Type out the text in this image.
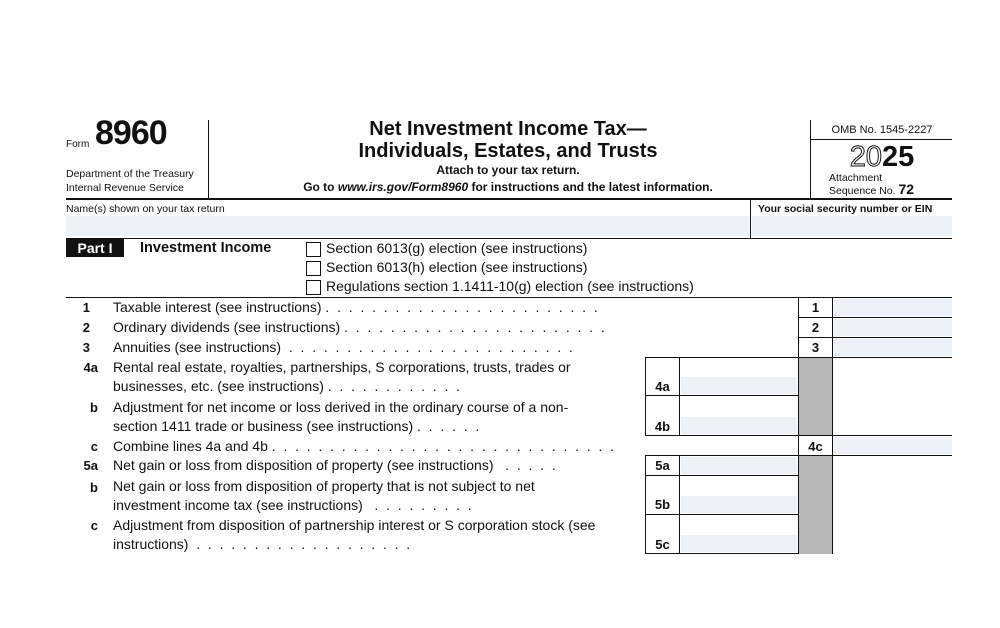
Form 8960
Department of the Treasury
Internal Revenue Service
Net Investment Income Tax—
Individuals, Estates, and Trusts
Attach to your tax return.
Go to www.irs.gov/Form8960 for instructions and the latest information.
OMB No. 1545-2227
2025
Attachment
Sequence No. 72
Name(s) shown on your tax return	Your social security number or EIN
Part I	Investment Income	Section 6013(g) election (see instructions)
Section 6013(h) election (see instructions)
Regulations section 1.1411-10(g) election (see instructions)
1 Taxable interest (see instructions) .  .  .  .  .  .  .  .  .  .  .  .  .  .  .  .  .  .  .  .  .  .  .  .	1
2 Ordinary dividends (see instructions) .  .  .  .  .  .  .  .  .  .  .  .  .  .  .  .  .  .  .  .  .  .  .	2
3 Annuities (see instructions)  .  .  .  .  .  .  .  .  .  .  .  .  .  .  .  .  .  .  .  .  .  .  .  .  .	3
4a Rental real estate, royalties, partnerships, S corporations, trusts, trades or
businesses, etc. (see instructions) .  .  .  .  .  .  .  .  .  .  .  .	4a
b Adjustment for net income or loss derived in the ordinary course of a non-
section 1411 trade or business (see instructions) .  .  .  .  .  .	4b
c Combine lines 4a and 4b .  .  .  .  .  .  .  .  .  .  .  .  .  .  .  .  .  .  .  .  .  .  .  .  .  .  .  .  .  .	4c
5a Net gain or loss from disposition of property (see instructions)   .  .  .  .  .	5a
b Net gain or loss from disposition of property that is not subject to net
investment income tax (see instructions)   .  .  .  .  .  .  .  .  .	5b
c Adjustment from disposition of partnership interest or S corporation stock (see
instructions)  .  .  .  .  .  .  .  .  .  .  .  .  .  .  .  .  .  .  .	5c
